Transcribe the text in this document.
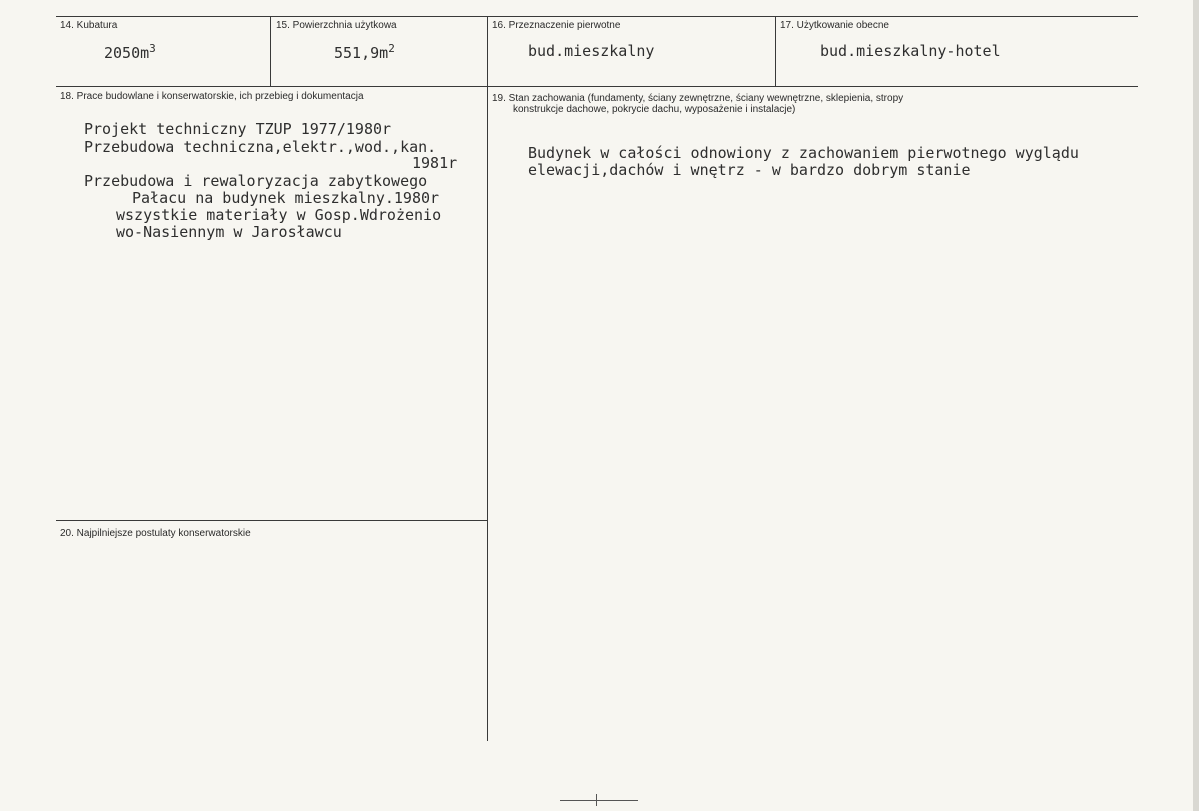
14. Kubatura
$2050m^3$
15. Powierzchnia użytkowa
$551,9m^2$
16. Przeznaczenie pierwotne
bud.mieszkalny
17. Użytkowanie obecne
bud.mieszkalny-hotel
18. Prace budowlane i konserwatorskie, ich przebieg i dokumentacja
Projekt techniczny TZUP 1977/1980r
Przebudowa techniczna,elektr.,wod.,kan.
1981r
Przebudowa i rewaloryzacja zabytkowego
Pałacu na budynek mieszkalny.1980r
wszystkie materiały w Gosp.Wdrożenio
wo-Nasiennym w Jarosławcu
19. Stan zachowania (fundamenty, ściany zewnętrzne, ściany wewnętrzne, sklepienia, stropy
konstrukcje dachowe, pokrycie dachu, wyposażenie i instalacje)
Budynek w całości odnowiony z zachowaniem pierwotnego wyglądu
elewacji,dachów i wnętrz - w bardzo dobrym stanie
20. Najpilniejsze postulaty konserwatorskie
